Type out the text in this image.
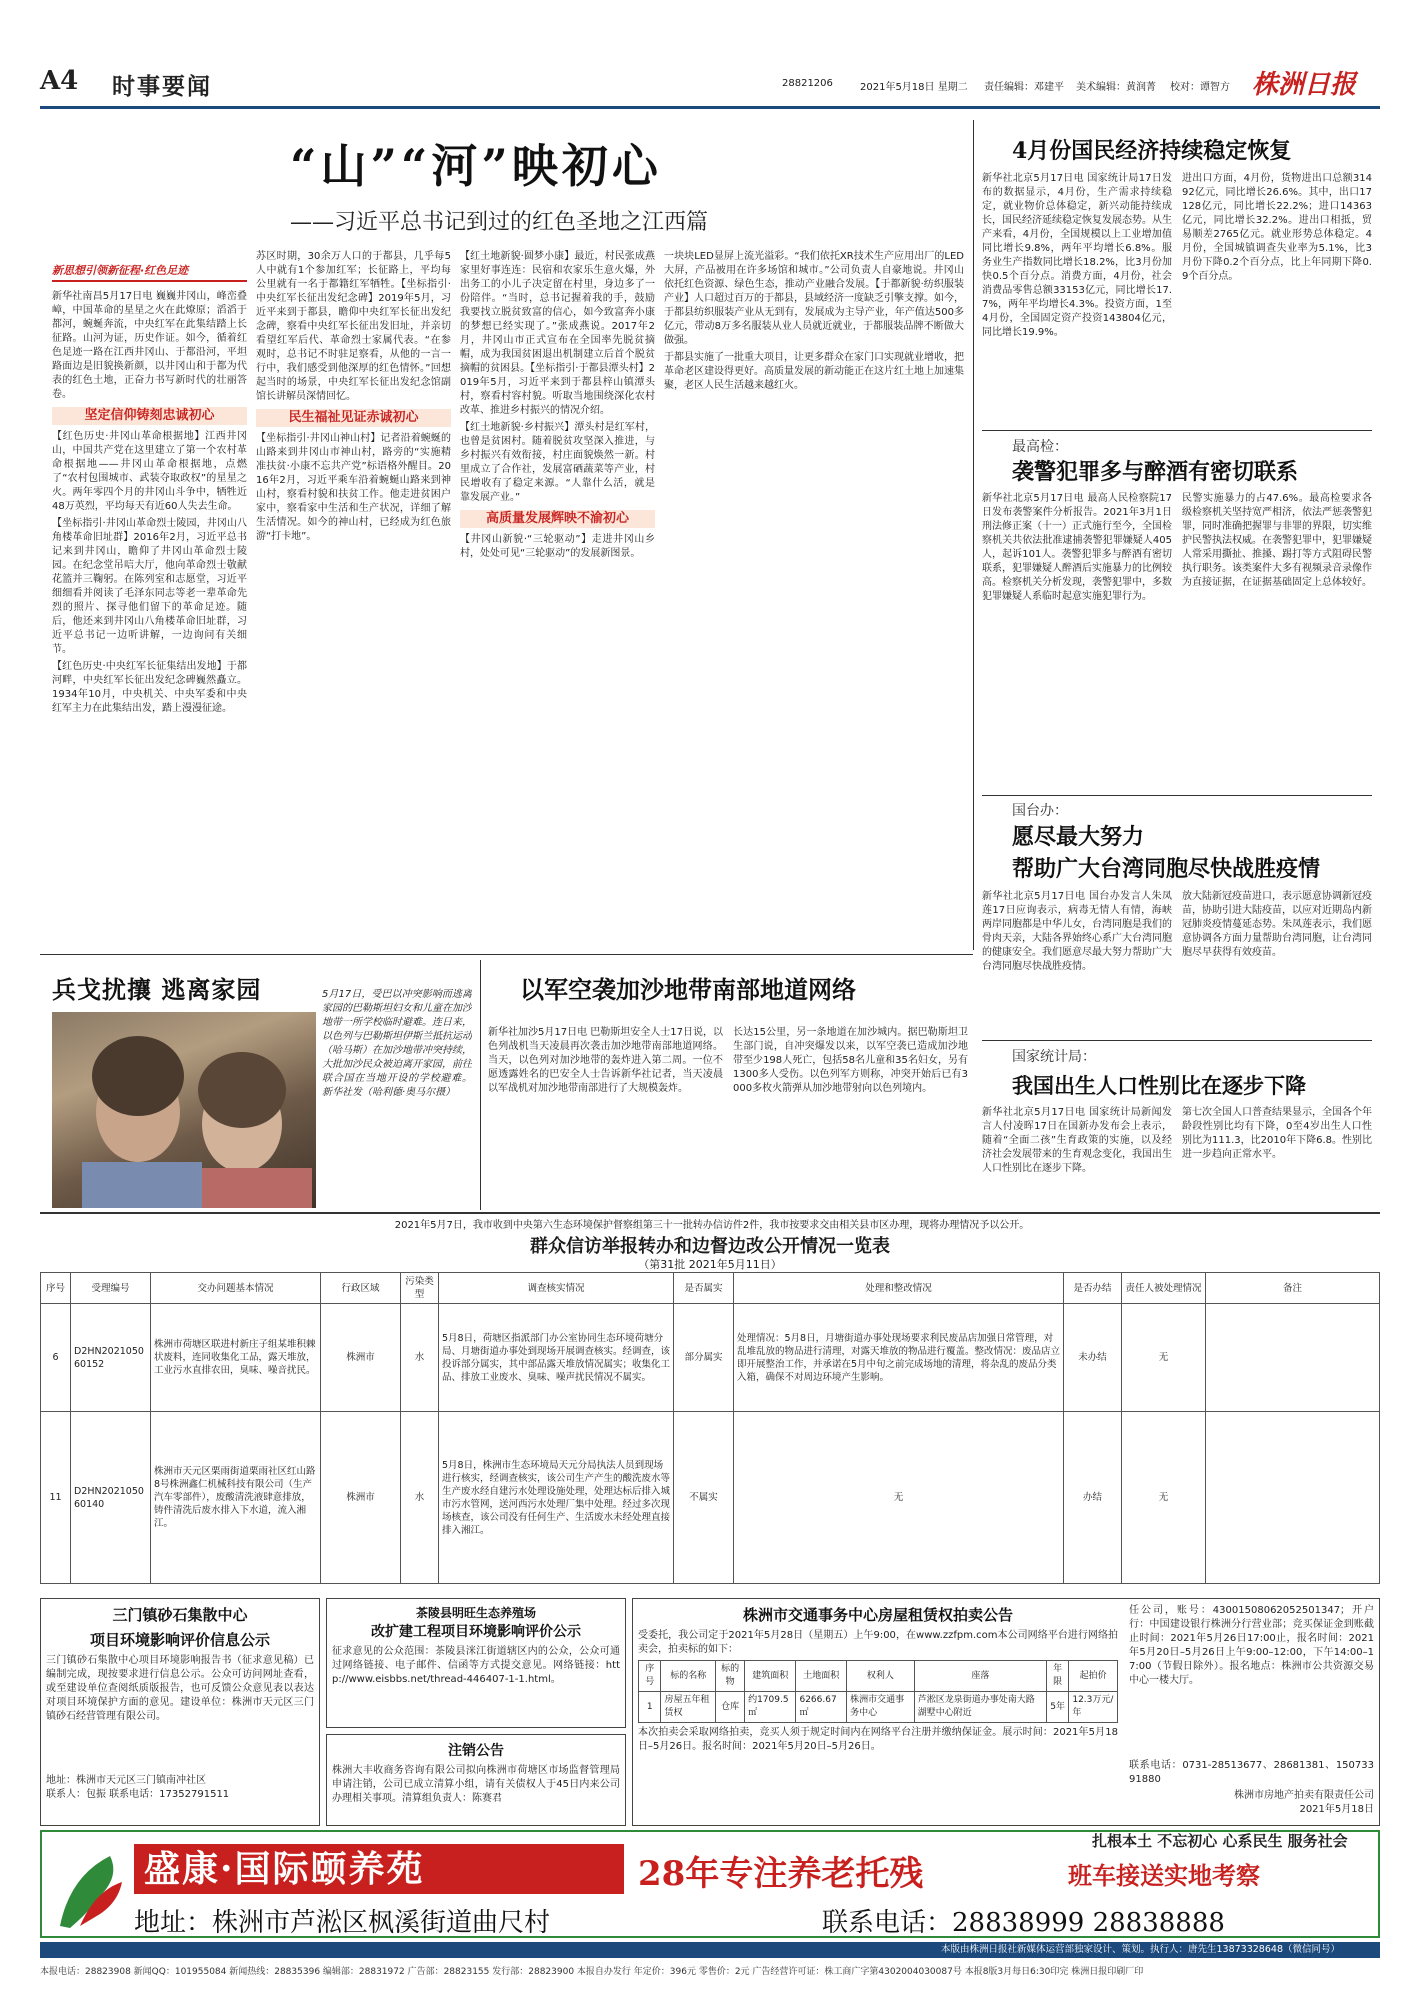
A4 时事要闻	28821206	2021年5月18日 星期二 责任编辑：邓建平 美术编辑：黄润菁 校对：谭智方 株洲日报
“山”“河”映初心
——习近平总书记到过的红色圣地之江西篇
新思想引领新征程·红色足迹

新华社南昌5月17日电 巍巍井冈山，峰峦叠嶂，中国革命的星星之火在此燎原；滔滔于都河，蜿蜒奔流，中央红军在此集结踏上长征路。山河为证，历史作证。如今，循着红色足迹一路在江西井冈山、于都沿河，平坦路面边是旧貌换新颜，以井冈山和于都为代表的红色土地，正奋力书写新时代的壮丽答卷。

坚定信仰铸刻忠诚初心

【红色历史·井冈山革命根据地】江西井冈山，中国共产党在这里建立了第一个农村革命根据地——井冈山革命根据地，点燃了“农村包围城市、武装夺取政权”的星星之火。两年零四个月的井冈山斗争中，牺牲近48万英烈，平均每天有近60人失去生命。

【坐标指引·井冈山革命烈士陵园，井冈山八角楼革命旧址群】2016年2月，习近平总书记来到井冈山，瞻仰了井冈山革命烈士陵园。在纪念堂吊唁大厅，他向革命烈士敬献花篮并三鞠躬。在陈列室和志愿堂，习近平细细看并阅读了毛泽东同志等老一辈革命先烈的照片、探寻他们留下的革命足迹。随后，他还来到井冈山八角楼革命旧址群，习近平总书记一边听讲解，一边询问有关细节。

【红色历史·中央红军长征集结出发地】于都河畔，中央红军长征出发纪念碑巍然矗立。1934年10月，中央机关、中央军委和中央红军主力在此集结出发，踏上漫漫征途。

苏区时期，30余万人口的于都县，几乎每5人中就有1个参加红军；长征路上，平均每公里就有一名于都籍红军牺牲。【坐标指引·中央红军长征出发纪念碑】2019年5月，习近平来到于都县，瞻仰中央红军长征出发纪念碑，察看中央红军长征出发旧址，并亲切看望红军后代、革命烈士家属代表。“在参观时，总书记不时驻足察看，从他的一言一行中，我们感受到他深厚的红色情怀。”回想起当时的场景，中央红军长征出发纪念馆副馆长讲解员深情回忆。

民生福祉见证赤诚初心

【坐标指引·井冈山神山村】记者沿着蜿蜒的山路来到井冈山市神山村，路旁的“实施精准扶贫·小康不忘共产党”标语格外醒目。2016年2月，习近平乘车沿着蜿蜒山路来到神山村，察看村貌和扶贫工作。他走进贫困户家中，察看家中生活和生产状况，详细了解生活情况。如今的神山村，已经成为红色旅游“打卡地”。

【红土地新貌·圆梦小康】最近，村民张成燕家里好事连连：民宿和农家乐生意火爆，外出务工的小儿子决定留在村里，身边多了一份陪伴。“当时，总书记握着我的手，鼓励我要找立脱贫致富的信心，如今致富奔小康的梦想已经实现了。”张成燕说。2017年2月，井冈山市正式宣布在全国率先脱贫摘帽，成为我国贫困退出机制建立后首个脱贫摘帽的贫困县。【坐标指引·于都县潭头村】2019年5月，习近平来到于都县梓山镇潭头村，察看村容村貌。听取当地围绕深化农村改革、推进乡村振兴的情况介绍。

【红土地新貌·乡村振兴】潭头村是红军村，也曾是贫困村。随着脱贫攻坚深入推进，与乡村振兴有效衔接，村庄面貌焕然一新。村里成立了合作社，发展富硒蔬菜等产业，村民增收有了稳定来源。“人靠什么活，就是靠发展产业。”

高质量发展辉映不渝初心

【井冈山新貌·“三轮驱动”】走进井冈山乡村，处处可见“三轮驱动”的发展新图景。

一块块LED显屏上流光溢彩。“我们依托XR技术生产应用出厂的LED大屏，产品被用在许多场馆和城市。”公司负责人自豪地说。井冈山依托红色资源、绿色生态，推动产业融合发展。【于都新貌·纺织服装产业】人口超过百万的于都县，县域经济一度缺乏引擎支撑。如今，于都县纺织服装产业从无到有，发展成为主导产业，年产值达500多亿元，带动8万多名服装从业人员就近就业，于都服装品牌不断做大做强。

于都县实施了一批重大项目，让更多群众在家门口实现就业增收，把革命老区建设得更好。高质量发展的新动能正在这片红土地上加速集聚，老区人民生活越来越红火。

4月份国民经济持续稳定恢复
新华社北京5月17日电 国家统计局17日发布的数据显示，4月份，生产需求持续稳定，就业物价总体稳定，新兴动能持续成长，国民经济延续稳定恢复发展态势。从生产来看，4月份，全国规模以上工业增加值同比增长9.8%，两年平均增长6.8%。服务业生产指数同比增长18.2%，比3月份加快0.5个百分点。消费方面，4月份，社会消费品零售总额33153亿元，同比增长17.7%，两年平均增长4.3%。投资方面，1至4月份，全国固定资产投资143804亿元，同比增长19.9%。
进出口方面，4月份，货物进出口总额31492亿元，同比增长26.6%。其中，出口17128亿元，同比增长22.2%；进口14363亿元，同比增长32.2%。进出口相抵，贸易顺差2765亿元。就业形势总体稳定。4月份，全国城镇调查失业率为5.1%，比3月份下降0.2个百分点，比上年同期下降0.9个百分点。
最高检：
袭警犯罪多与醉酒有密切联系
新华社北京5月17日电 最高人民检察院17日发布袭警案件分析报告。2021年3月1日刑法修正案（十一）正式施行至今，全国检察机关共依法批准逮捕袭警犯罪嫌疑人405人，起诉101人。袭警犯罪多与醉酒有密切联系，犯罪嫌疑人醉酒后实施暴力的比例较高。检察机关分析发现，袭警犯罪中，多数犯罪嫌疑人系临时起意实施犯罪行为。
民警实施暴力的占47.6%。最高检要求各级检察机关坚持宽严相济，依法严惩袭警犯罪，同时准确把握罪与非罪的界限，切实维护民警执法权威。在袭警犯罪中，犯罪嫌疑人常采用撕扯、推搡、踢打等方式阻碍民警执行职务。该类案件大多有视频录音录像作为直接证据，在证据基础固定上总体较好。
国台办：
愿尽最大努力
帮助广大台湾同胞尽快战胜疫情
新华社北京5月17日电 国台办发言人朱凤莲17日应询表示，病毒无情人有情，海峡两岸同胞都是中华儿女，台湾同胞是我们的骨肉天亲，大陆各界始终心系广大台湾同胞的健康安全。我们愿意尽最大努力帮助广大台湾同胞尽快战胜疫情。
放大陆新冠疫苗进口，表示愿意协调新冠疫苗，协助引进大陆疫苗，以应对近期岛内新冠肺炎疫情蔓延态势。朱凤莲表示，我们愿意协调各方面力量帮助台湾同胞，让台湾同胞尽早获得有效疫苗。
国家统计局：
我国出生人口性别比在逐步下降
新华社北京5月17日电 国家统计局新闻发言人付凌晖17日在国新办发布会上表示，随着“全面二孩”生育政策的实施，以及经济社会发展带来的生育观念变化，我国出生人口性别比在逐步下降。
第七次全国人口普查结果显示，全国各个年龄段性别比均有下降，0至4岁出生人口性别比为111.3，比2010年下降6.8。性别比进一步趋向正常水平。
兵戈扰攘 逃离家园	5月17日，受巴以冲突影响而逃离家园的巴勒斯坦妇女和儿童在加沙地带一所学校临时避难。连日来，以色列与巴勒斯坦伊斯兰抵抗运动（哈马斯）在加沙地带冲突持续，大批加沙民众被迫离开家园，前往联合国在当地开设的学校避难。 新华社发（哈利德·奥马尔摄）
以军空袭加沙地带南部地道网络
新华社加沙5月17日电 巴勒斯坦安全人士17日说，以色列战机当天凌晨再次袭击加沙地带南部地道网络。当天，以色列对加沙地带的轰炸进入第二周。一位不愿透露姓名的巴安全人士告诉新华社记者，当天凌晨以军战机对加沙地带南部进行了大规模轰炸。
长达15公里，另一条地道在加沙城内。据巴勒斯坦卫生部门说，自冲突爆发以来，以军空袭已造成加沙地带至少198人死亡，包括58名儿童和35名妇女，另有1300多人受伤。以色列军方则称，冲突开始后已有3000多枚火箭弹从加沙地带射向以色列境内。
2021年5月7日，我市收到中央第六生态环境保护督察组第三十一批转办信访件2件，我市按要求交由相关县市区办理，现将办理情况予以公开。
群众信访举报转办和边督边改公开情况一览表
（第31批 2021年5月11日）
序号	受理编号	交办问题基本情况	行政区域	污染类型	调查核实情况	是否属实	处理和整改情况	是否办结	责任人被处理情况	备注
6	D2HN202105060152	株洲市荷塘区联进村新庄子组某堆积棘状废料，连同收集化工品，露天堆放，工业污水直排农田，臭味、噪音扰民。	株洲市	水	5月8日，荷塘区指派部门办公室协同生态环境荷塘分局、月塘街道办事处到现场开展调查核实。经调查，该投诉部分属实，其中部品露天堆放情况属实；收集化工品、排放工业废水、臭味、噪声扰民情况不属实。	部分属实	处理情况：5月8日，月塘街道办事处现场要求利民废品店加强日常管理，对乱堆乱放的物品进行清理，对露天堆放的物品进行覆盖。整改情况：废品店立即开展整治工作，并承诺在5月中旬之前完成场地的清理，将杂乱的废品分类入箱，确保不对周边环境产生影响。	未办结	无	
11	D2HN202105060140	株洲市天元区栗雨街道栗雨社区红山路8号株洲鑫仁机械科技有限公司（生产汽车零部件），废酸清洗液肆意排放，铸件清洗后废水排入下水道，流入湘江。	株洲市	水	5月8日，株洲市生态环境局天元分局执法人员到现场进行核实，经调查核实，该公司生产产生的酸洗废水等生产废水经自建污水处理设施处理，处理达标后排入城市污水管网，送河西污水处理厂集中处理。经过多次现场核查，该公司没有任何生产、生活废水未经处理直接排入湘江。	不属实	无	办结	无	
三门镇砂石集散中心
项目环境影响评价信息公示
三门镇砂石集散中心项目环境影响报告书（征求意见稿）已编制完成，现按要求进行信息公示。公众可访问网址查看，或至建设单位查阅纸质版报告，也可反馈公众意见表以表达对项目环境保护方面的意见。建设单位：株洲市天元区三门镇砂石经营管理有限公司。
地址：株洲市天元区三门镇南冲社区
联系人：包振 联系电话：17352791511
茶陵县明旺生态养殖场
改扩建工程项目环境影响评价公示
征求意见的公众范围：茶陵县洣江街道辖区内的公众，公众可通过网络链接、电子邮件、信函等方式提交意见。网络链接：http://www.eisbbs.net/thread-446407-1-1.html。
注销公告
株洲大丰收商务咨询有限公司拟向株洲市荷塘区市场监督管理局申请注销，公司已成立清算小组，请有关债权人于45日内来公司办理相关事项。清算组负责人：陈赛君
株洲市交通事务中心房屋租赁权拍卖公告
受委托，我公司定于2021年5月28日（星期五）上午9:00，在www.zzfpm.com本公司网络平台进行网络拍卖会，拍卖标的如下：
序号	标的名称	标的物	建筑面积	土地面积	权利人	座落	年限	起拍价
1	房屋五年租赁权	仓库	约1709.5㎡	6266.67㎡	株洲市交通事务中心	芦淞区龙泉街道办事处南大路湖墅中心附近	5年	12.3万元/年
本次拍卖会采取网络拍卖，竞买人须于规定时间内在网络平台注册并缴纳保证金。展示时间：2021年5月18日–5月26日。报名时间：2021年5月20日–5月26日。
任公司，账号：43001508062052501347；开户行：中国建设银行株洲分行营业部；竞买保证金到账截止时间：2021年5月26日17:00止，报名时间：2021年5月20日–5月26日上午9:00–12:00，下午14:00–17:00（节假日除外）。报名地点：株洲市公共资源交易中心一楼大厅。
联系电话：0731-28513677、28681381、15073391880
株洲市房地产拍卖有限责任公司
2021年5月18日
盛康·国际颐养苑	28年专注养老托残	班车接送实地考察
扎根本土 不忘初心 心系民生 服务社会
地址：株洲市芦淞区枫溪街道曲尺村	联系电话：28838999 28838888
本版由株洲日报社新媒体运营部独家设计、策划。执行人：唐先生13873328648（微信同号）
本报电话：28823908 新闻QQ：101955084 新闻热线：28835396 编辑部：28831972 广告部：28823155 发行部：28823900 本报自办发行 年定价：396元 零售价：2元 广告经营许可证：株工商广字第4302004030087号 本报8版3月每日6:30印完 株洲日报印刷厂印
